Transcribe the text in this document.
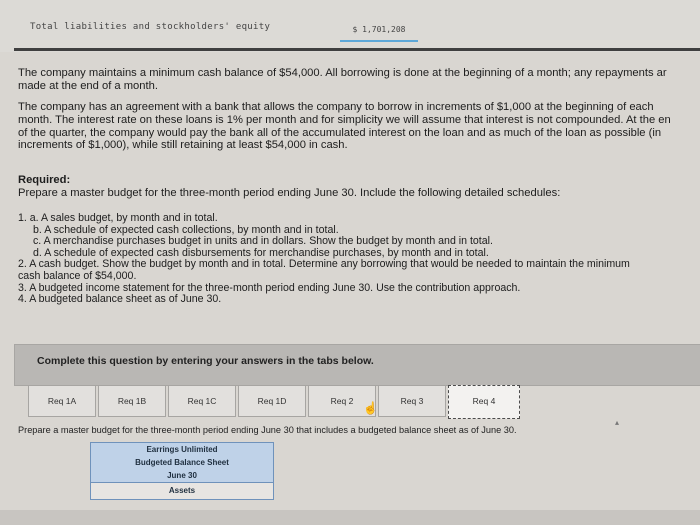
Total liabilities and stockholders' equity	$ 1,701,208
The company maintains a minimum cash balance of $54,000. All borrowing is done at the beginning of a month; any repayments ar
made at the end of a month.
The company has an agreement with a bank that allows the company to borrow in increments of $1,000 at the beginning of each
month. The interest rate on these loans is 1% per month and for simplicity we will assume that interest is not compounded. At the en
of the quarter, the company would pay the bank all of the accumulated interest on the loan and as much of the loan as possible (in
increments of $1,000), while still retaining at least $54,000 in cash.
Required:
Prepare a master budget for the three-month period ending June 30. Include the following detailed schedules:
1. a. A sales budget, by month and in total.
b. A schedule of expected cash collections, by month and in total.
c. A merchandise purchases budget in units and in dollars. Show the budget by month and in total.
d. A schedule of expected cash disbursements for merchandise purchases, by month and in total.
2. A cash budget. Show the budget by month and in total. Determine any borrowing that would be needed to maintain the minimum
cash balance of $54,000.
3. A budgeted income statement for the three-month period ending June 30. Use the contribution approach.
4. A budgeted balance sheet as of June 30.
Complete this question by entering your answers in the tabs below.
Req 1A	Req 1B	Req 1C	Req 1D	Req 2	Req 3	Req 4
☝
▴
Prepare a master budget for the three-month period ending June 30 that includes a budgeted balance sheet as of June 30.
Earrings Unlimited
Budgeted Balance Sheet
June 30
Assets
